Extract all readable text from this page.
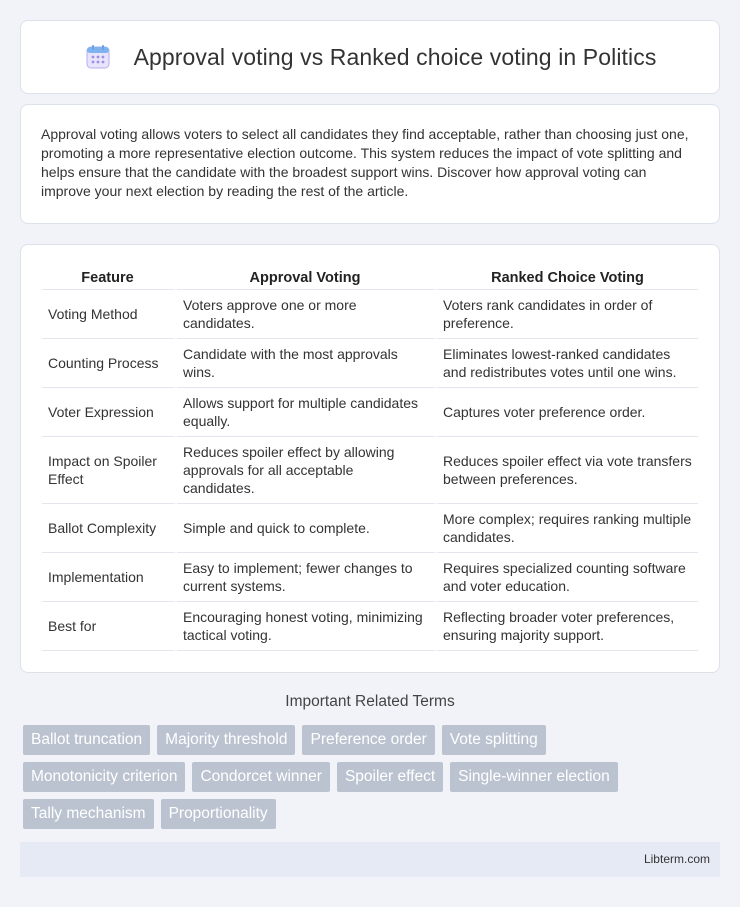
Approval voting vs Ranked choice voting in Politics

Approval voting allows voters to select all candidates they find acceptable, rather than choosing just one, promoting a more representative election outcome. This system reduces the impact of vote splitting and helps ensure that the candidate with the broadest support wins. Discover how approval voting can improve your next election by reading the rest of the article.

Feature	Approval Voting	Ranked Choice Voting
Voting Method	Voters approve one or more candidates.	Voters rank candidates in order of preference.
Counting Process	Candidate with the most approvals wins.	Eliminates lowest-ranked candidates and redistributes votes until one wins.
Voter Expression	Allows support for multiple candidates equally.	Captures voter preference order.
Impact on Spoiler Effect	Reduces spoiler effect by allowing approvals for all acceptable candidates.	Reduces spoiler effect via vote transfers between preferences.
Ballot Complexity	Simple and quick to complete.	More complex; requires ranking multiple candidates.
Implementation	Easy to implement; fewer changes to current systems.	Requires specialized counting software and voter education.
Best for	Encouraging honest voting, minimizing tactical voting.	Reflecting broader voter preferences, ensuring majority support.
Important Related Terms
Ballot truncation	Majority threshold	Preference order	Vote splitting
Monotonicity criterion	Condorcet winner	Spoiler effect	Single-winner election
Tally mechanism	Proportionality
Libterm.com
